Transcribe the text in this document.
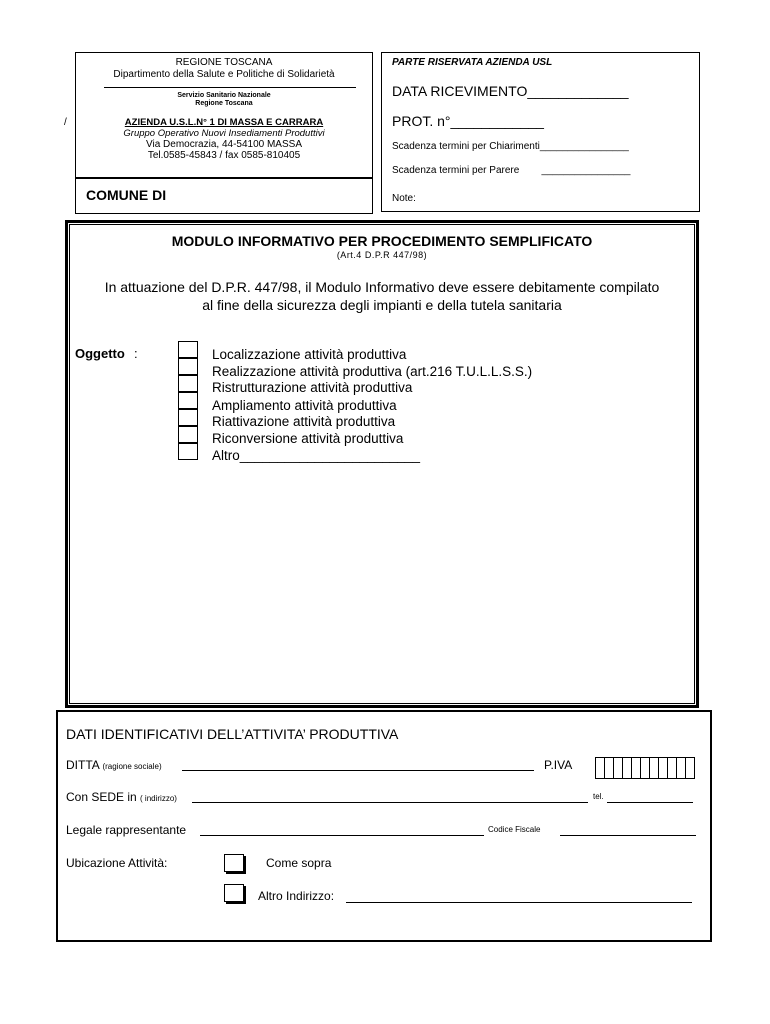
REGIONE TOSCANA
Dipartimento della Salute e Politiche di Solidarietà
Servizio Sanitario Nazionale
Regione Toscana
AZIENDA U.S.L.N° 1 DI MASSA E CARRARA
Gruppo Operativo Nuovi Insediamenti Produttivi
Via Democrazia, 44-54100 MASSA
Tel.0585-45843 / fax 0585-810405
/
COMUNE DI
PARTE RISERVATA AZIENDA USL
DATA RICEVIMENTO_____________
PROT. n°____________
Scadenza termini per Chiarimenti________________
Scadenza termini per Parere        ________________
Note:
MODULO INFORMATIVO PER PROCEDIMENTO SEMPLIFICATO
(Art.4 D.P.R 447/98)
In attuazione del D.P.R. 447/98, il Modulo Informativo deve essere debitamente compilato
al fine della sicurezza degli impianti e della tutela sanitaria
Oggetto :	Localizzazione attività produttiva
Realizzazione attività produttiva (art.216 T.U.L.L.S.S.)
Ristrutturazione attività produttiva
Ampliamento attività produttiva
Riattivazione attività produttiva
Riconversione attività produttiva
Altro________________________
DATI IDENTIFICATIVI DELL’ATTIVITA’ PRODUTTIVA
DITTA (ragione sociale)	P.IVA
Con SEDE in ( indirizzo)	tel.
Legale rappresentante	Codice Fiscale
Ubicazione Attività:	Come sopra
Altro Indirizzo:
